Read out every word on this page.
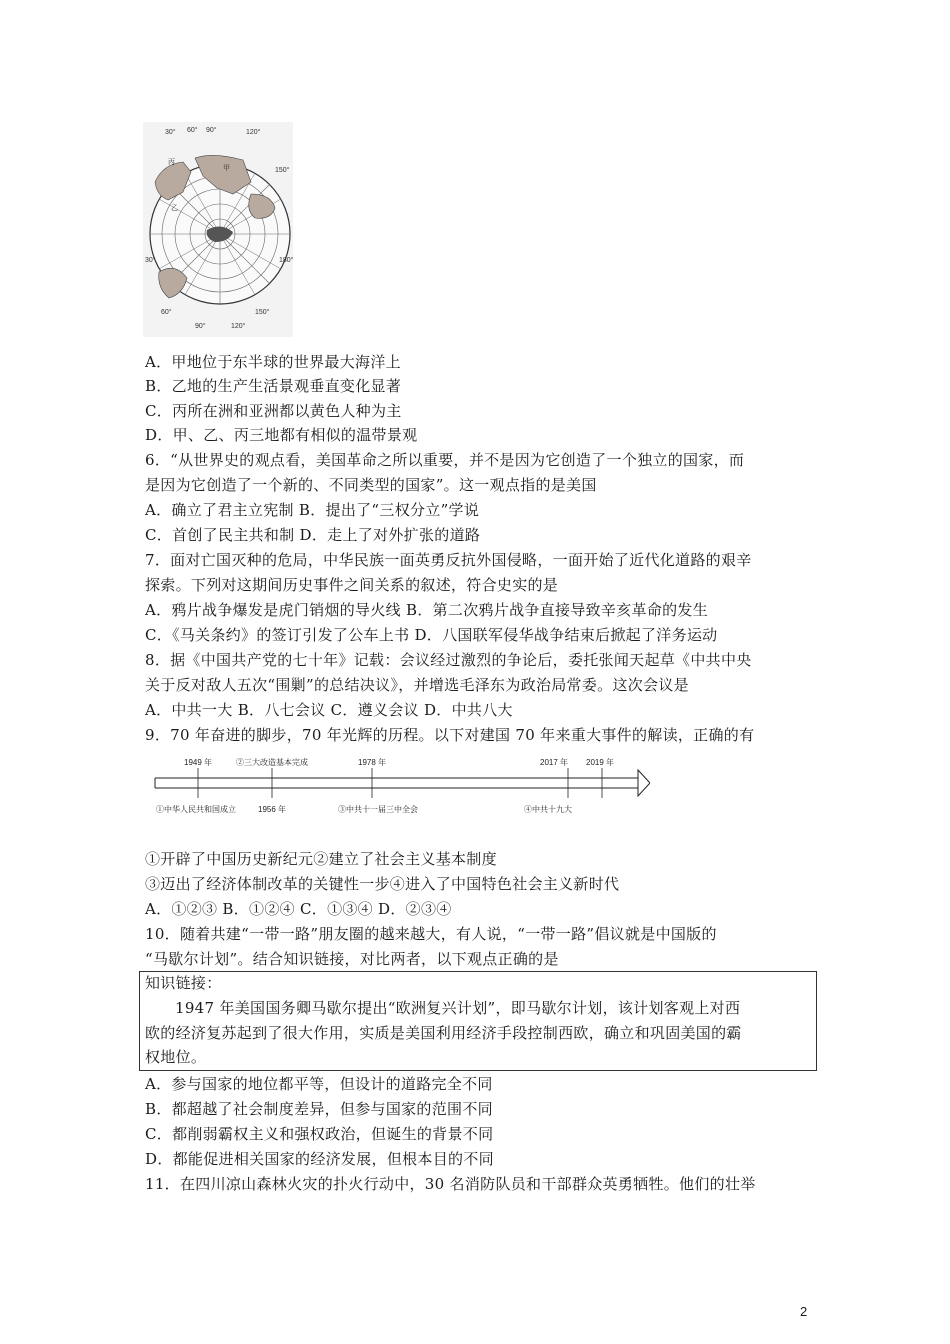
30° 60° 90°	120°
150°
180°
30°
60°
90°	120°
150°
甲
乙
丙
A．甲地位于东半球的世界最大海洋上
B．乙地的生产生活景观垂直变化显著
C．丙所在洲和亚洲都以黄色人种为主
D．甲、乙、丙三地都有相似的温带景观
6．“从世界史的观点看，美国革命之所以重要，并不是因为它创造了一个独立的国家，而
是因为它创造了一个新的、不同类型的国家”。这一观点指的是美国
A．确立了君主立宪制 B．提出了“三权分立”学说
C．首创了民主共和制 D．走上了对外扩张的道路
7．面对亡国灭种的危局，中华民族一面英勇反抗外国侵略，一面开始了近代化道路的艰辛
探索。下列对这期间历史事件之间关系的叙述，符合史实的是
A．鸦片战争爆发是虎门销烟的导火线 B．第二次鸦片战争直接导致辛亥革命的发生
C．《马关条约》的签订引发了公车上书 D．八国联军侵华战争结束后掀起了洋务运动
8．据《中国共产党的七十年》记载：会议经过激烈的争论后，委托张闻天起草《中共中央
关于反对敌人五次“围剿”的总结决议》，并增选毛泽东为政治局常委。这次会议是
A．中共一大 B．八七会议 C．遵义会议 D．中共八大
9．70 年奋进的脚步，70 年光辉的历程。以下对建国 70 年来重大事件的解读，正确的有
1949 年	②三大改造基本完成	1978 年	2017 年 2019 年
①中华人民共和国成立	1956 年	③中共十一届三中全会	④中共十九大
①开辟了中国历史新纪元②建立了社会主义基本制度
③迈出了经济体制改革的关键性一步④进入了中国特色社会主义新时代
A．①②③ B．①②④ C．①③④ D．②③④
10．随着共建“一带一路”朋友圈的越来越大，有人说，“一带一路”倡议就是中国版的
“马歇尔计划”。结合知识链接，对比两者，以下观点正确的是
知识链接：
1947 年美国国务卿马歇尔提出“欧洲复兴计划”，即马歇尔计划，该计划客观上对西
欧的经济复苏起到了很大作用，实质是美国利用经济手段控制西欧，确立和巩固美国的霸
权地位。
A．参与国家的地位都平等，但设计的道路完全不同
B．都超越了社会制度差异，但参与国家的范围不同
C．都削弱霸权主义和强权政治，但诞生的背景不同
D．都能促进相关国家的经济发展，但根本目的不同
11．在四川凉山森林火灾的扑火行动中，30 名消防队员和干部群众英勇牺牲。他们的壮举
2
